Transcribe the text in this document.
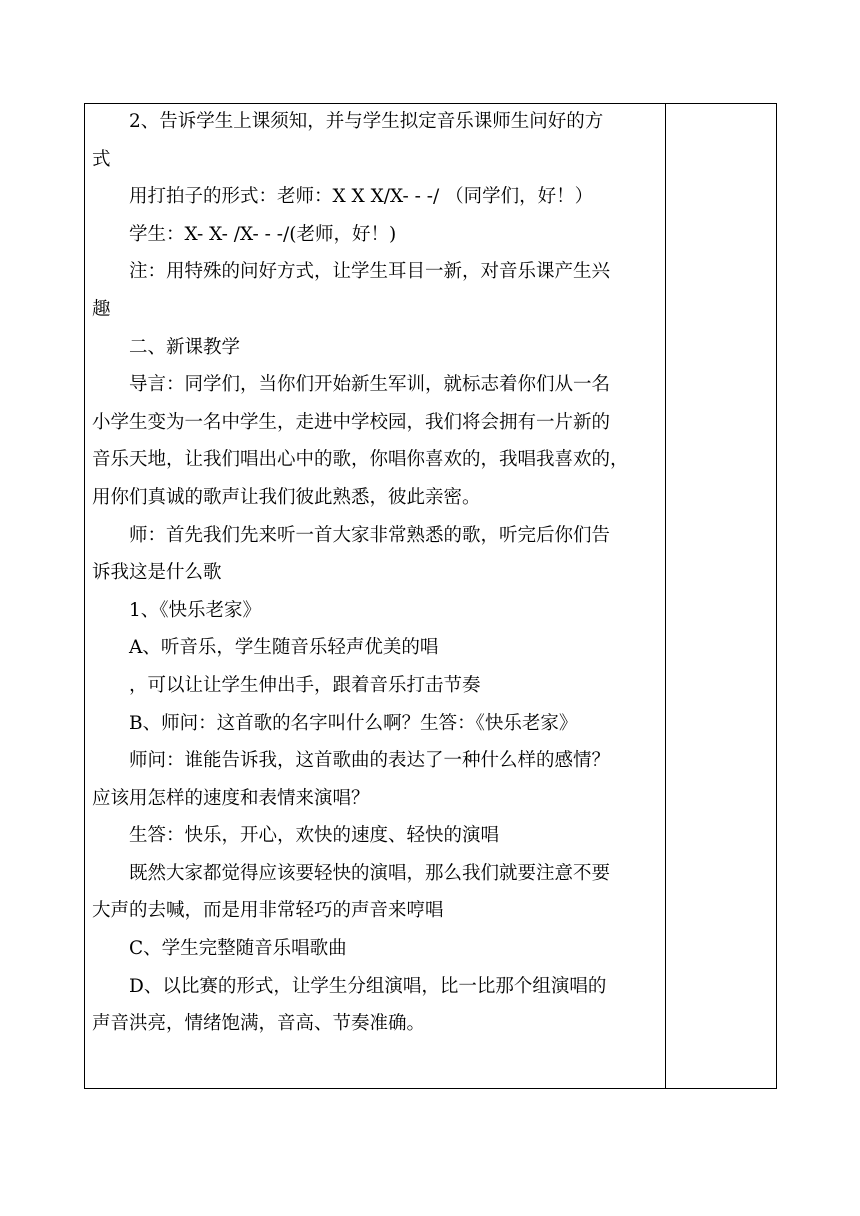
2、告诉学生上课须知，并与学生拟定音乐课师生问好的方

式

用打拍子的形式：老师：X X X/X- - -/ （同学们，好！）

学生：X- X- /X- - -/(老师，好！)

注：用特殊的问好方式，让学生耳目一新，对音乐课产生兴

趣

二、新课教学

导言：同学们，当你们开始新生军训，就标志着你们从一名

小学生变为一名中学生，走进中学校园，我们将会拥有一片新的

音乐天地，让我们唱出心中的歌，你唱你喜欢的，我唱我喜欢的，

用你们真诚的歌声让我们彼此熟悉，彼此亲密。

师：首先我们先来听一首大家非常熟悉的歌，听完后你们告

诉我这是什么歌

1、《快乐老家》

A、听音乐，学生随音乐轻声优美的唱

，可以让让学生伸出手，跟着音乐打击节奏

B、师问：这首歌的名字叫什么啊？生答：《快乐老家》

师问：谁能告诉我，这首歌曲的表达了一种什么样的感情？

应该用怎样的速度和表情来演唱？

生答：快乐，开心，欢快的速度、轻快的演唱

既然大家都觉得应该要轻快的演唱，那么我们就要注意不要

大声的去喊，而是用非常轻巧的声音来哼唱

C、学生完整随音乐唱歌曲

D、以比赛的形式，让学生分组演唱，比一比那个组演唱的

声音洪亮，情绪饱满，音高、节奏准确。
